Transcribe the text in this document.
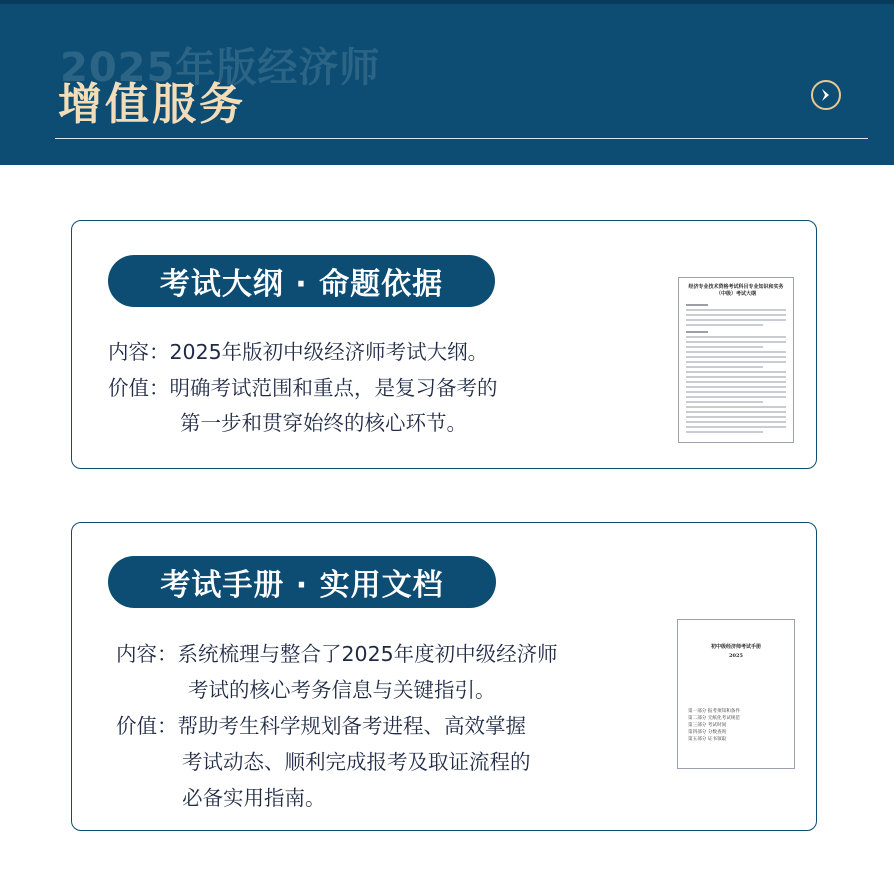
2025年版经济师
增值服务
考试大纲 · 命题依据
内容：2025年版初中级经济师考试大纲。
价值：明确考试范围和重点，是复习备考的
第一步和贯穿始终的核心环节。
经济专业技术资格考试科目专业知识和实务（中级）考试大纲
考试手册 · 实用文档
内容：系统梳理与整合了2025年度初中级经济师
考试的核心考务信息与关键指引。
价值：帮助考生科学规划备考进程、高效掌握
考试动态、顺利完成报考及取证流程的
必备实用指南。
初中级经济师考试手册
2025
第一部分 报考须知和条件
第二部分 无纸化考试规范
第三部分 考试时间
第四部分 分数查询
第五部分 证书领取
